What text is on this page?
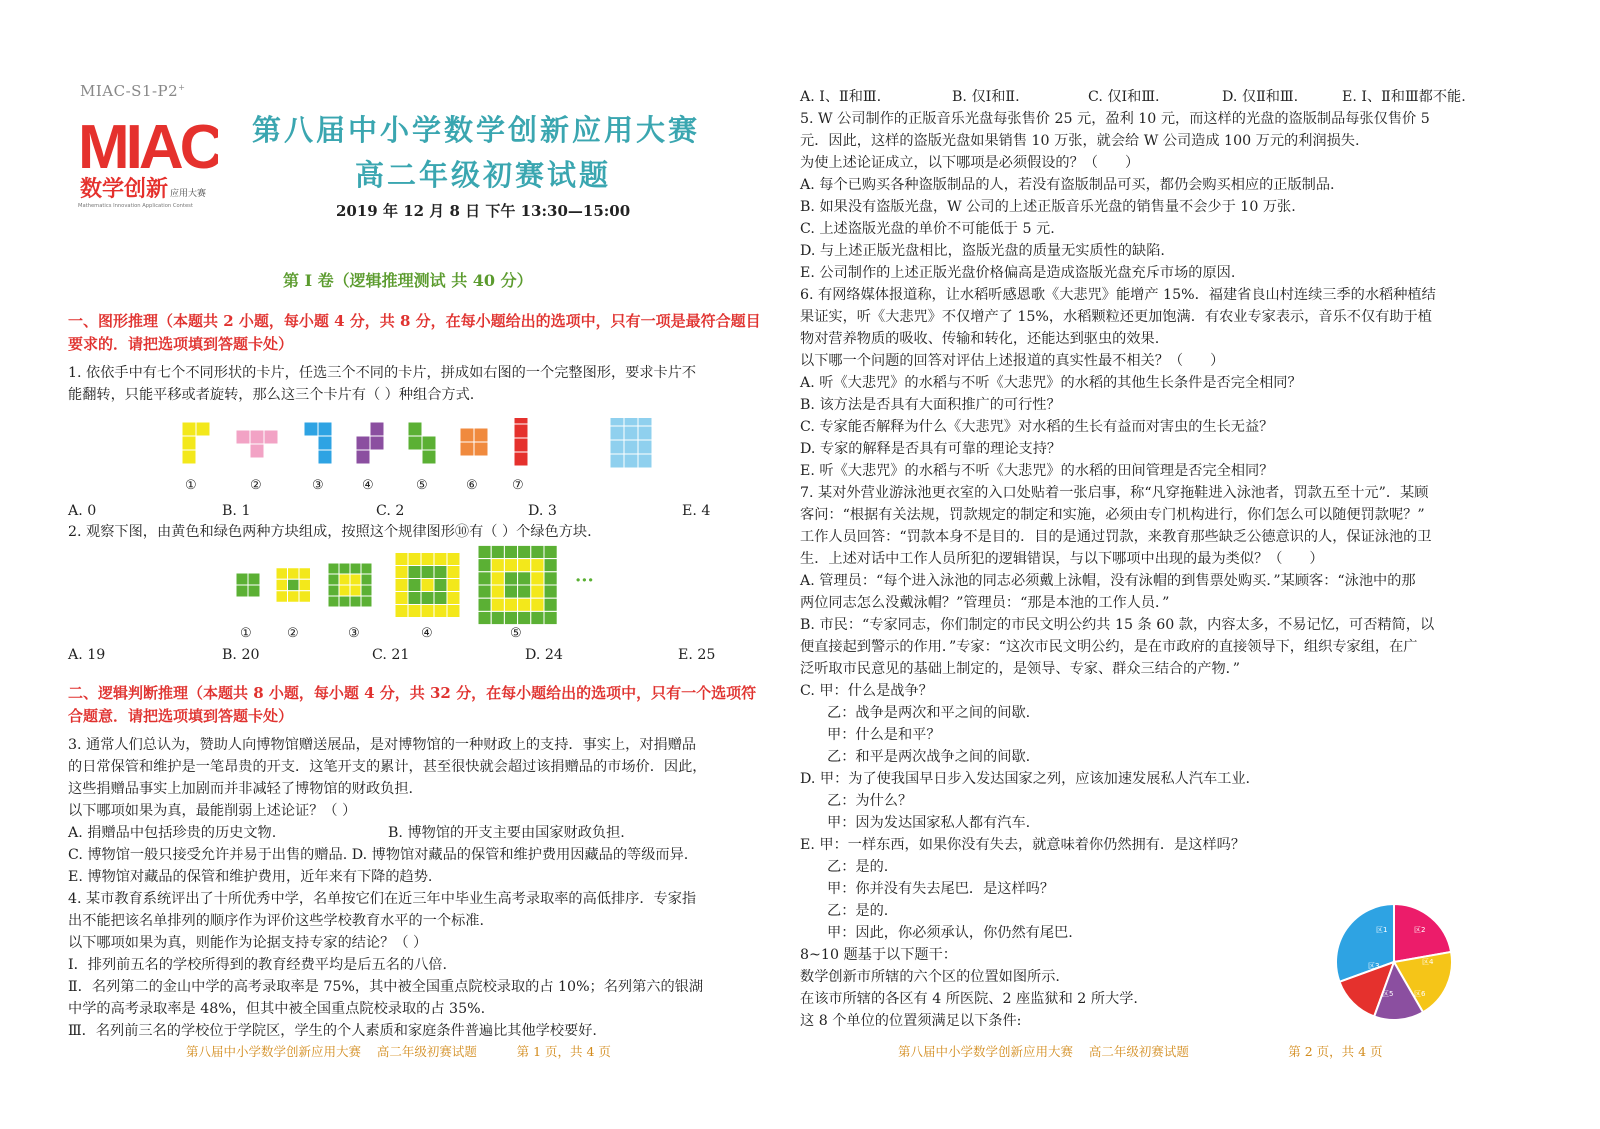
MIAC-S1-P2+
MIAC
数学创新 应用大赛
Mathematics Innovation Application Contest
第八届中小学数学创新应用大赛
高二年级初赛试题
2019 年 12 月 8 日 下午 13:30—15:00
第 I 卷（逻辑推理测试 共 40 分）
一、图形推理（本题共 2 小题，每小题 4 分，共 8 分，在每小题给出的选项中，只有一项是最符合题目要求的．请把选项填到答题卡处）
1. 依依手中有七个不同形状的卡片，任选三个不同的卡片，拼成如右图的一个完整图形，要求卡片不
能翻转，只能平移或者旋转，那么这三个卡片有（ ）种组合方式.
①	②	③	④	⑤	⑥	⑦
A. 0	B. 1	C. 2	D. 3	E. 4
2. 观察下图，由黄色和绿色两种方块组成，按照这个规律图形⑩有（ ）个绿色方块.
···
①	②	③	④	⑤
A. 19	B. 20	C. 21	D. 24	E. 25
二、逻辑判断推理（本题共 8 小题，每小题 4 分，共 32 分，在每小题给出的选项中，只有一个选项符合题意．请把选项填到答题卡处）
3. 通常人们总认为，赞助人向博物馆赠送展品，是对博物馆的一种财政上的支持．事实上，对捐赠品
的日常保管和维护是一笔昂贵的开支．这笔开支的累计，甚至很快就会超过该捐赠品的市场价．因此，
这些捐赠品事实上加剧而并非减轻了博物馆的财政负担.
以下哪项如果为真，最能削弱上述论证？（ ）
A. 捐赠品中包括珍贵的历史文物.	B. 博物馆的开支主要由国家财政负担.
C. 博物馆一般只接受允许并易于出售的赠品. D. 博物馆对藏品的保管和维护费用因藏品的等级而异.
E. 博物馆对藏品的保管和维护费用，近年来有下降的趋势.
4. 某市教育系统评出了十所优秀中学，名单按它们在近三年中毕业生高考录取率的高低排序．专家指
出不能把该名单排列的顺序作为评价这些学校教育水平的一个标准.
以下哪项如果为真，则能作为论据支持专家的结论？（ ）
Ⅰ．排列前五名的学校所得到的教育经费平均是后五名的八倍.
Ⅱ．名列第二的金山中学的高考录取率是 75%，其中被全国重点院校录取的占 10%；名列第六的银湖
中学的高考录取率是 48%，但其中被全国重点院校录取的占 35%.
Ⅲ．名列前三名的学校位于学院区，学生的个人素质和家庭条件普遍比其他学校要好.
第八届中小学数学创新应用大赛    高二年级初赛试题          第 1 页，共 4 页
A. Ⅰ、Ⅱ和Ⅲ.	B. 仅Ⅰ和Ⅱ.	C. 仅Ⅰ和Ⅲ.	D. 仅Ⅱ和Ⅲ.	E. Ⅰ、Ⅱ和Ⅲ都不能.
5. W 公司制作的正版音乐光盘每张售价 25 元，盈利 10 元，而这样的光盘的盗版制品每张仅售价 5
元．因此，这样的盗版光盘如果销售 10 万张，就会给 W 公司造成 100 万元的利润损失.
为使上述论证成立，以下哪项是必须假设的？（      ）
A. 每个已购买各种盗版制品的人，若没有盗版制品可买，都仍会购买相应的正版制品.
B. 如果没有盗版光盘，W 公司的上述正版音乐光盘的销售量不会少于 10 万张.
C. 上述盗版光盘的单价不可能低于 5 元.
D. 与上述正版光盘相比，盗版光盘的质量无实质性的缺陷.
E. 公司制作的上述正版光盘价格偏高是造成盗版光盘充斥市场的原因.
6. 有网络媒体报道称，让水稻听感恩歌《大悲咒》能增产 15%．福建省良山村连续三季的水稻种植结
果证实，听《大悲咒》不仅增产了 15%，水稻颗粒还更加饱满．有农业专家表示，音乐不仅有助于植
物对营养物质的吸收、传输和转化，还能达到驱虫的效果.
以下哪一个问题的回答对评估上述报道的真实性最不相关？（      ）
A. 听《大悲咒》的水稻与不听《大悲咒》的水稻的其他生长条件是否完全相同？
B. 该方法是否具有大面积推广的可行性？
C. 专家能否解释为什么《大悲咒》对水稻的生长有益而对害虫的生长无益？
D. 专家的解释是否具有可靠的理论支持？
E. 听《大悲咒》的水稻与不听《大悲咒》的水稻的田间管理是否完全相同？
7. 某对外营业游泳池更衣室的入口处贴着一张启事，称“凡穿拖鞋进入泳池者，罚款五至十元”．某顾
客问：“根据有关法规，罚款规定的制定和实施，必须由专门机构进行，你们怎么可以随便罚款呢？”
工作人员回答：“罚款本身不是目的．目的是通过罚款，来教育那些缺乏公德意识的人，保证泳池的卫
生．上述对话中工作人员所犯的逻辑错误，与以下哪项中出现的最为类似？（      ）
A. 管理员：“每个进入泳池的同志必须戴上泳帽，没有泳帽的到售票处购买．”某顾客：“泳池中的那
两位同志怎么没戴泳帽？”管理员：“那是本池的工作人员．”
B. 市民：“专家同志，你们制定的市民文明公约共 15 条 60 款，内容太多，不易记忆，可否精简，以
便直接起到警示的作用．”专家：“这次市民文明公约，是在市政府的直接领导下，组织专家组，在广
泛听取市民意见的基础上制定的，是领导、专家、群众三结合的产物．”
C. 甲：什么是战争？
乙：战争是两次和平之间的间歇.
甲：什么是和平？
乙：和平是两次战争之间的间歇.
D. 甲：为了使我国早日步入发达国家之列，应该加速发展私人汽车工业.
乙：为什么？
甲：因为发达国家私人都有汽车.
E. 甲：一样东西，如果你没有失去，就意味着你仍然拥有．是这样吗？
乙：是的.
甲：你并没有失去尾巴．是这样吗？
乙：是的.
甲：因此，你必须承认，你仍然有尾巴.
8~10 题基于以下题干：
数学创新市所辖的六个区的位置如图所示.
在该市所辖的各区有 4 所医院、2 座监狱和 2 所大学.
这 8 个单位的位置须满足以下条件:
区1	区2
区3	区4
区5	区6
第八届中小学数学创新应用大赛    高二年级初赛试题                         第 2 页，共 4 页
